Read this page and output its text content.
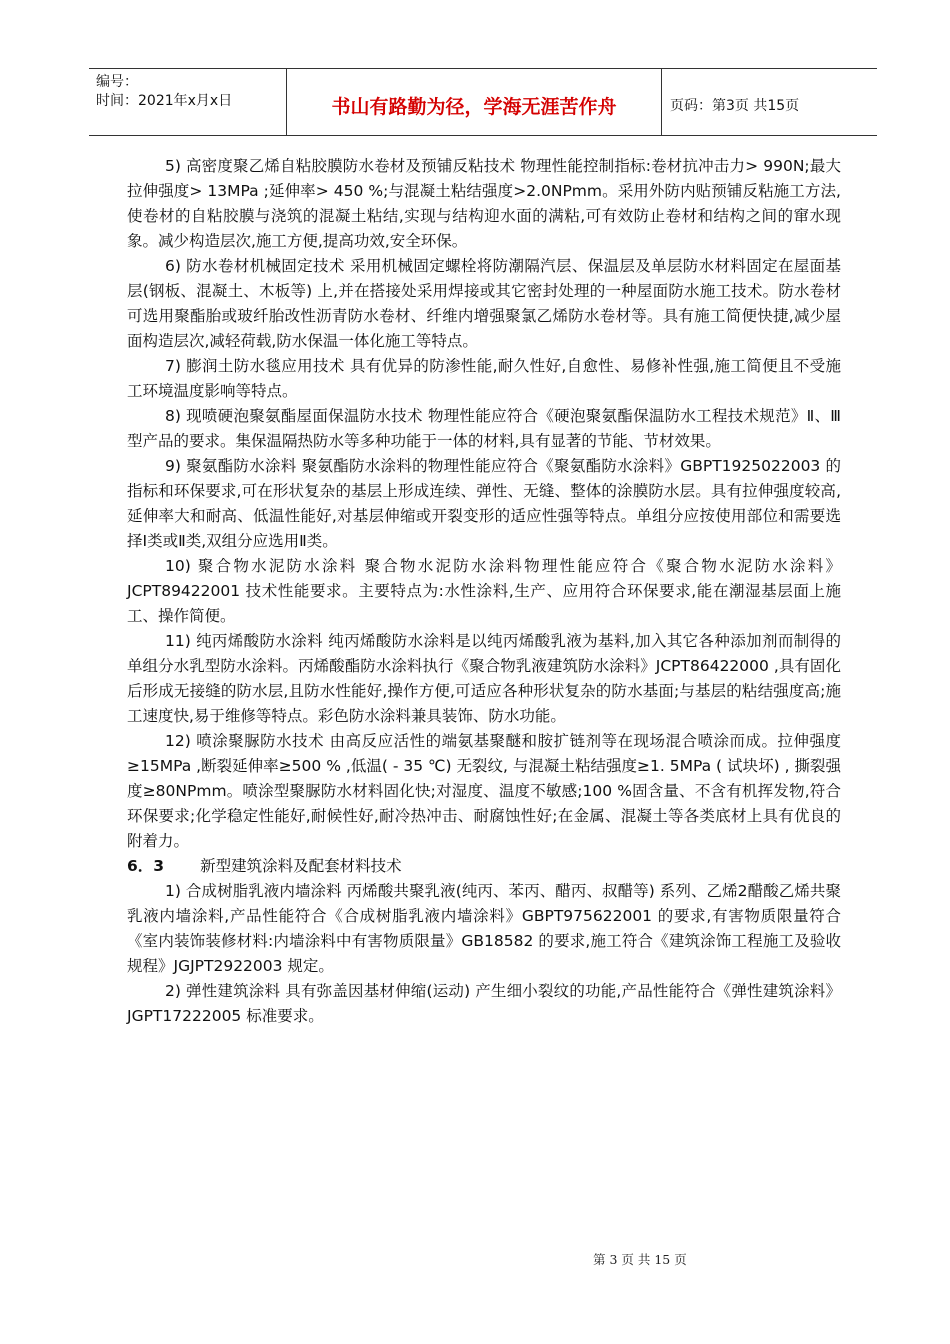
编号：
时间：2021年x月x日	书山有路勤为径，学海无涯苦作舟	页码：第3页 共15页

5) 高密度聚乙烯自粘胶膜防水卷材及预铺反粘技术 物理性能控制指标:卷材抗冲击力> 990N;最大拉伸强度> 13MPa ;延伸率> 450 %;与混凝土粘结强度>2.0NPmm。采用外防内贴预铺反粘施工方法,使卷材的自粘胶膜与浇筑的混凝土粘结,实现与结构迎水面的满粘,可有效防止卷材和结构之间的窜水现象。减少构造层次,施工方便,提高功效,安全环保。

6) 防水卷材机械固定技术 采用机械固定螺栓将防潮隔汽层、保温层及单层防水材料固定在屋面基层(钢板、混凝土、木板等) 上,并在搭接处采用焊接或其它密封处理的一种屋面防水施工技术。防水卷材可选用聚酯胎或玻纤胎改性沥青防水卷材、纤维内增强聚氯乙烯防水卷材等。具有施工简便快捷,减少屋面构造层次,减轻荷载,防水保温一体化施工等特点。

7) 膨润土防水毯应用技术 具有优异的防渗性能,耐久性好,自愈性、易修补性强,施工简便且不受施工环境温度影响等特点。

8) 现喷硬泡聚氨酯屋面保温防水技术 物理性能应符合《硬泡聚氨酯保温防水工程技术规范》Ⅱ、Ⅲ型产品的要求。集保温隔热防水等多种功能于一体的材料,具有显著的节能、节材效果。

9) 聚氨酯防水涂料 聚氨酯防水涂料的物理性能应符合《聚氨酯防水涂料》GBPT1925022003 的指标和环保要求,可在形状复杂的基层上形成连续、弹性、无缝、整体的涂膜防水层。具有拉伸强度较高,延伸率大和耐高、低温性能好,对基层伸缩或开裂变形的适应性强等特点。单组分应按使用部位和需要选择Ⅰ类或Ⅱ类,双组分应选用Ⅱ类。

10) 聚合物水泥防水涂料 聚合物水泥防水涂料物理性能应符合《聚合物水泥防水涂料》JCPT89422001 技术性能要求。主要特点为:水性涂料,生产、应用符合环保要求,能在潮湿基层面上施工、操作简便。

11) 纯丙烯酸防水涂料 纯丙烯酸防水涂料是以纯丙烯酸乳液为基料,加入其它各种添加剂而制得的单组分水乳型防水涂料。丙烯酸酯防水涂料执行《聚合物乳液建筑防水涂料》JCPT86422000 ,具有固化后形成无接缝的防水层,且防水性能好,操作方便,可适应各种形状复杂的防水基面;与基层的粘结强度高;施工速度快,易于维修等特点。彩色防水涂料兼具装饰、防水功能。

12) 喷涂聚脲防水技术 由高反应活性的端氨基聚醚和胺扩链剂等在现场混合喷涂而成。拉伸强度≥15MPa ,断裂延伸率≥500 % ,低温( - 35 ℃) 无裂纹, 与混凝土粘结强度≥1. 5MPa ( 试块坏) , 撕裂强度≥80NPmm。喷涂型聚脲防水材料固化快;对湿度、温度不敏感;100 %固含量、不含有机挥发物,符合环保要求;化学稳定性能好,耐候性好,耐冷热冲击、耐腐蚀性好;在金属、混凝土等各类底材上具有优良的附着力。

6．3 新型建筑涂料及配套材料技术

1) 合成树脂乳液内墙涂料 丙烯酸共聚乳液(纯丙、苯丙、醋丙、叔醋等) 系列、乙烯2醋酸乙烯共聚乳液内墙涂料,产品性能符合《合成树脂乳液内墙涂料》GBPT975622001 的要求,有害物质限量符合《室内装饰装修材料:内墙涂料中有害物质限量》GB18582 的要求,施工符合《建筑涂饰工程施工及验收规程》JGJPT2922003 规定。

2) 弹性建筑涂料 具有弥盖因基材伸缩(运动) 产生细小裂纹的功能,产品性能符合《弹性建筑涂料》JGPT17222005 标准要求。

第 3 页 共 15 页
